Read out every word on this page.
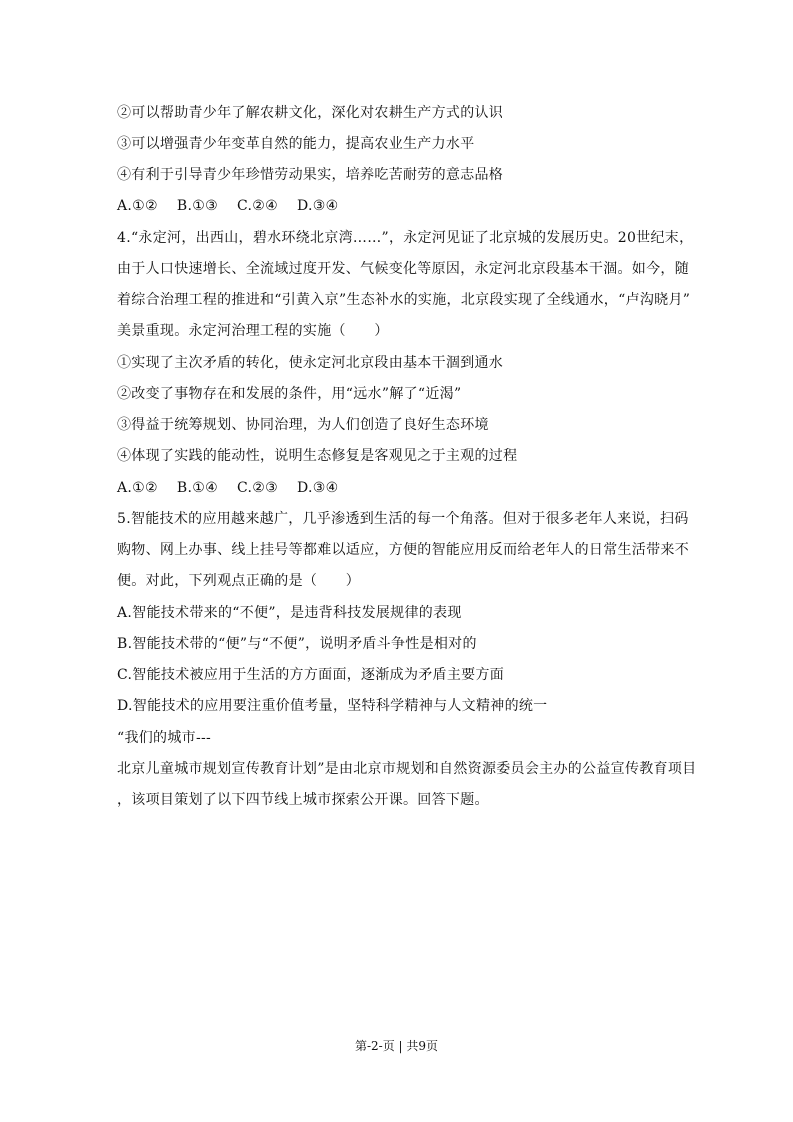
②可以帮助青少年了解农耕文化，深化对农耕生产方式的认识
③可以增强青少年变革自然的能力，提高农业生产力水平
④有利于引导青少年珍惜劳动果实，培养吃苦耐劳的意志品格
A.①②　 B.①③　 C.②④　 D.③④
4.“永定河，出西山，碧水环绕北京湾……”，永定河见证了北京城的发展历史。20世纪末，
由于人口快速增长、全流域过度开发、气候变化等原因，永定河北京段基本干涸。如今，随
着综合治理工程的推进和“引黄入京”生态补水的实施，北京段实现了全线通水，“卢沟晓月”
美景重现。永定河治理工程的实施（　　）
①实现了主次矛盾的转化，使永定河北京段由基本干涸到通水
②改变了事物存在和发展的条件，用“远水”解了“近渴”
③得益于统筹规划、协同治理，为人们创造了良好生态环境
④体现了实践的能动性，说明生态修复是客观见之于主观的过程
A.①②　 B.①④　 C.②③　 D.③④
5.智能技术的应用越来越广，几乎渗透到生活的每一个角落。但对于很多老年人来说，扫码
购物、网上办事、线上挂号等都难以适应，方便的智能应用反而给老年人的日常生活带来不
便。对此，下列观点正确的是（　　）
A.智能技术带来的“不便”，是违背科技发展规律的表现
B.智能技术带的“便”与“不便”，说明矛盾斗争性是相对的
C.智能技术被应用于生活的方方面面，逐渐成为矛盾主要方面
D.智能技术的应用要注重价值考量，坚特科学精神与人文精神的统一
“我们的城市---
北京儿童城市规划宣传教育计划”是由北京市规划和自然资源委员会主办的公益宣传教育项目
，该项目策划了以下四节线上城市探索公开课。回答下题。
第-2-页 | 共9页
